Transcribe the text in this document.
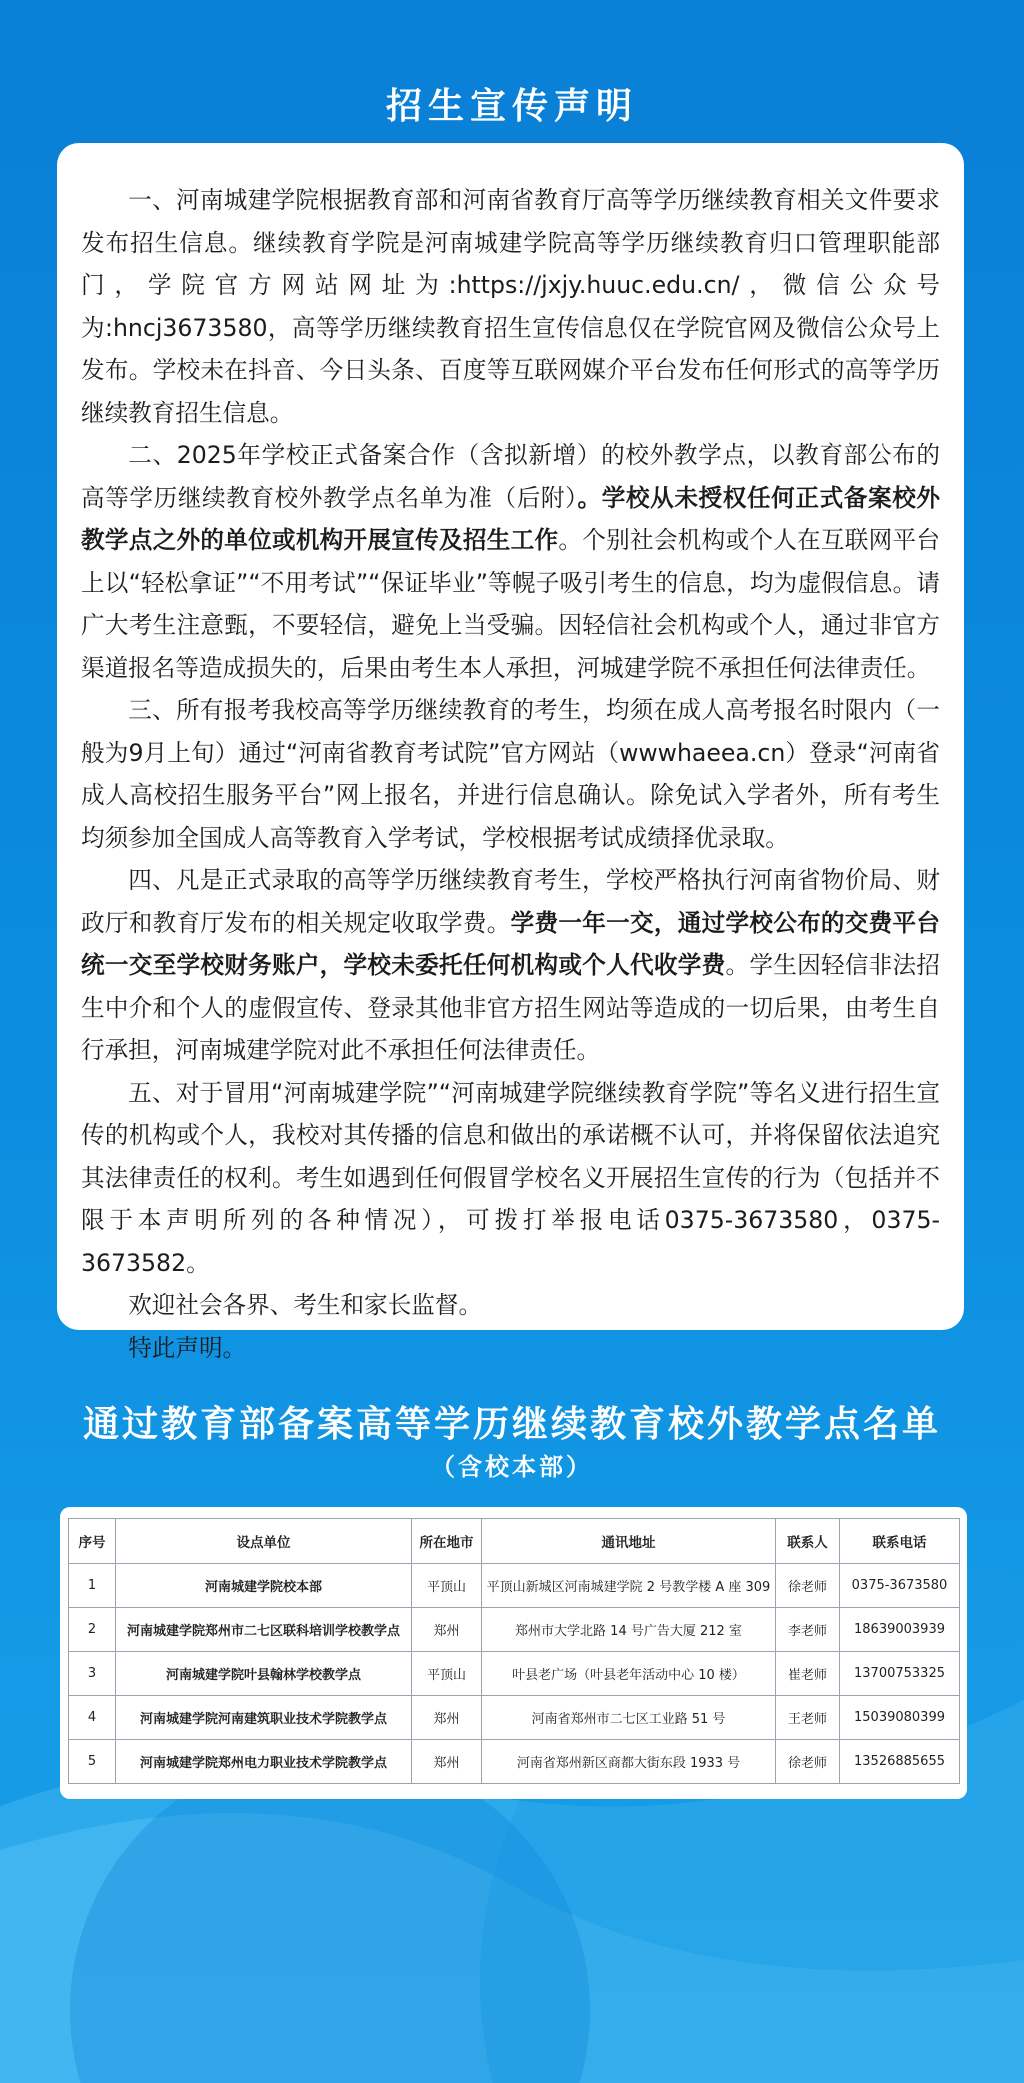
招生宣传声明

一、河南城建学院根据教育部和河南省教育厅高等学历继续教育相关文件要求发布招生信息。继续教育学院是河南城建学院高等学历继续教育归口管理职能部门，学院官方网站网址为:https://jxjy.huuc.edu.cn/，微信公众号为:hncj3673580，高等学历继续教育招生宣传信息仅在学院官网及微信公众号上发布。学校未在抖音、今日头条、百度等互联网媒介平台发布任何形式的高等学历继续教育招生信息。

二、2025年学校正式备案合作（含拟新增）的校外教学点，以教育部公布的高等学历继续教育校外教学点名单为准（后附）。学校从未授权任何正式备案校外教学点之外的单位或机构开展宣传及招生工作。个别社会机构或个人在互联网平台上以“轻松拿证”“不用考试”“保证毕业”等幌子吸引考生的信息，均为虚假信息。请广大考生注意甄，不要轻信，避免上当受骗。因轻信社会机构或个人，通过非官方渠道报名等造成损失的，后果由考生本人承担，河城建学院不承担任何法律责任。

三、所有报考我校高等学历继续教育的考生，均须在成人高考报名时限内（一般为9月上旬）通过“河南省教育考试院”官方网站（wwwhaeea.cn）登录“河南省成人高校招生服务平台”网上报名，并进行信息确认。除免试入学者外，所有考生均须参加全国成人高等教育入学考试，学校根据考试成绩择优录取。

四、凡是正式录取的高等学历继续教育考生，学校严格执行河南省物价局、财政厅和教育厅发布的相关规定收取学费。学费一年一交，通过学校公布的交费平台统一交至学校财务账户，学校未委托任何机构或个人代收学费。学生因轻信非法招生中介和个人的虚假宣传、登录其他非官方招生网站等造成的一切后果，由考生自行承担，河南城建学院对此不承担任何法律责任。

五、对于冒用“河南城建学院”“河南城建学院继续教育学院”等名义进行招生宣传的机构或个人，我校对其传播的信息和做出的承诺概不认可，并将保留依法追究其法律责任的权利。考生如遇到任何假冒学校名义开展招生宣传的行为（包括并不限于本声明所列的各种情况），可拨打举报电话0375-3673580，0375-3673582。

欢迎社会各界、考生和家长监督。

特此声明。

通过教育部备案高等学历继续教育校外教学点名单
（含校本部）
序号	设点单位	所在地市	通讯地址	联系人	联系电话
1	河南城建学院校本部	平顶山	平顶山新城区河南城建学院 2 号教学楼 A 座 309	徐老师	0375-3673580
2	河南城建学院郑州市二七区联科培训学校教学点	郑州	郑州市大学北路 14 号广告大厦 212 室	李老师	18639003939
3	河南城建学院叶县翰林学校教学点	平顶山	叶县老广场（叶县老年活动中心 10 楼）	崔老师	13700753325
4	河南城建学院河南建筑职业技术学院教学点	郑州	河南省郑州市二七区工业路 51 号	王老师	15039080399
5	河南城建学院郑州电力职业技术学院教学点	郑州	河南省郑州新区商都大街东段 1933 号	徐老师	13526885655
